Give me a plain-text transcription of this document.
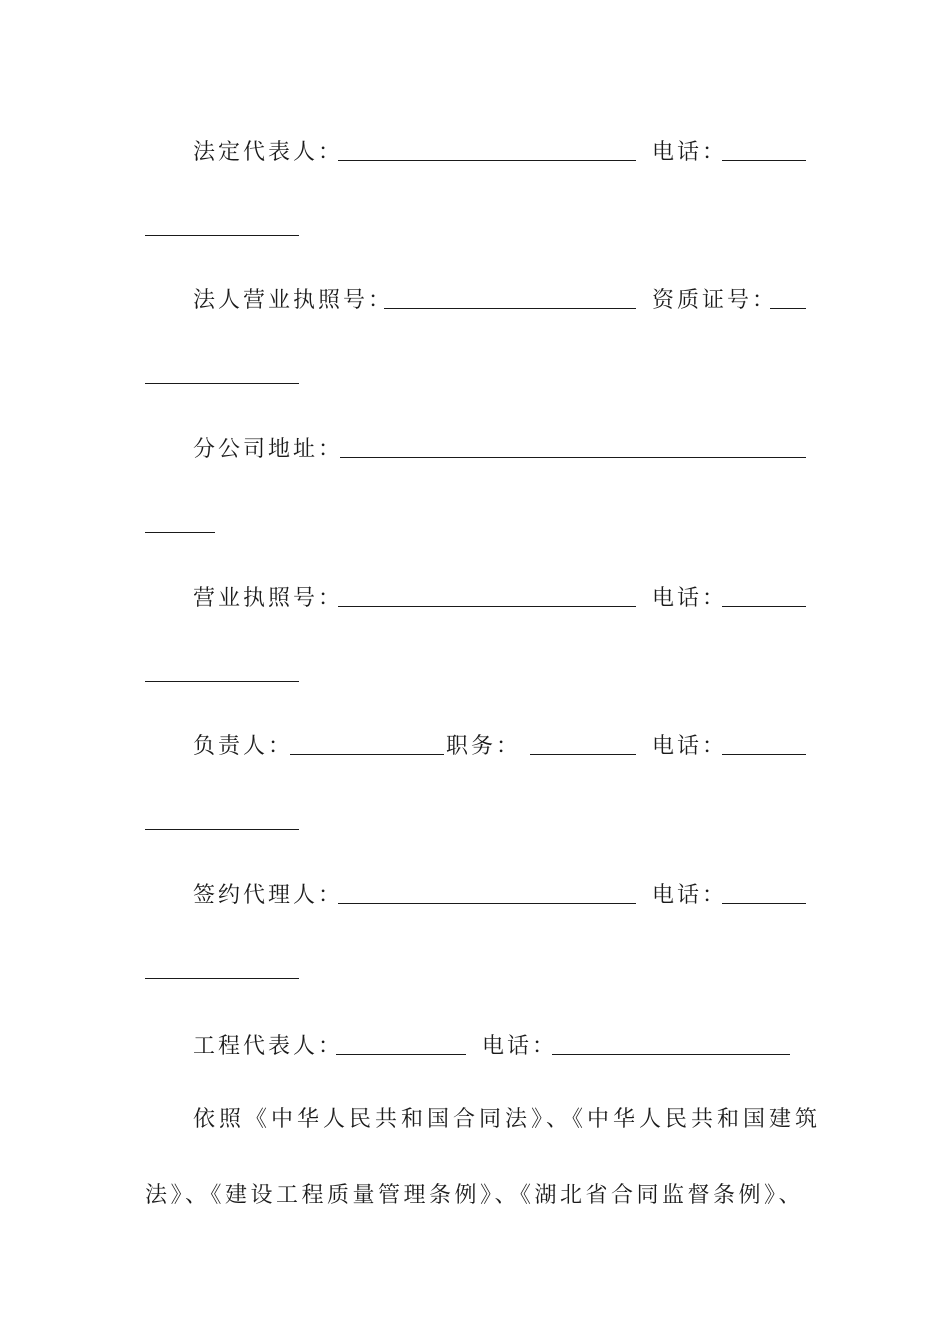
法定代表人：	电话：
法人营业执照号：	资质证号：
分公司地址：
营业执照号：	电话：
负责人：	职务：	电话：
签约代理人：	电话：
工程代表人：	电话：
依照《中华人民共和国合同法》、《中华人民共和国建筑
法》、《建设工程质量管理条例》、《湖北省合同监督条例》、
